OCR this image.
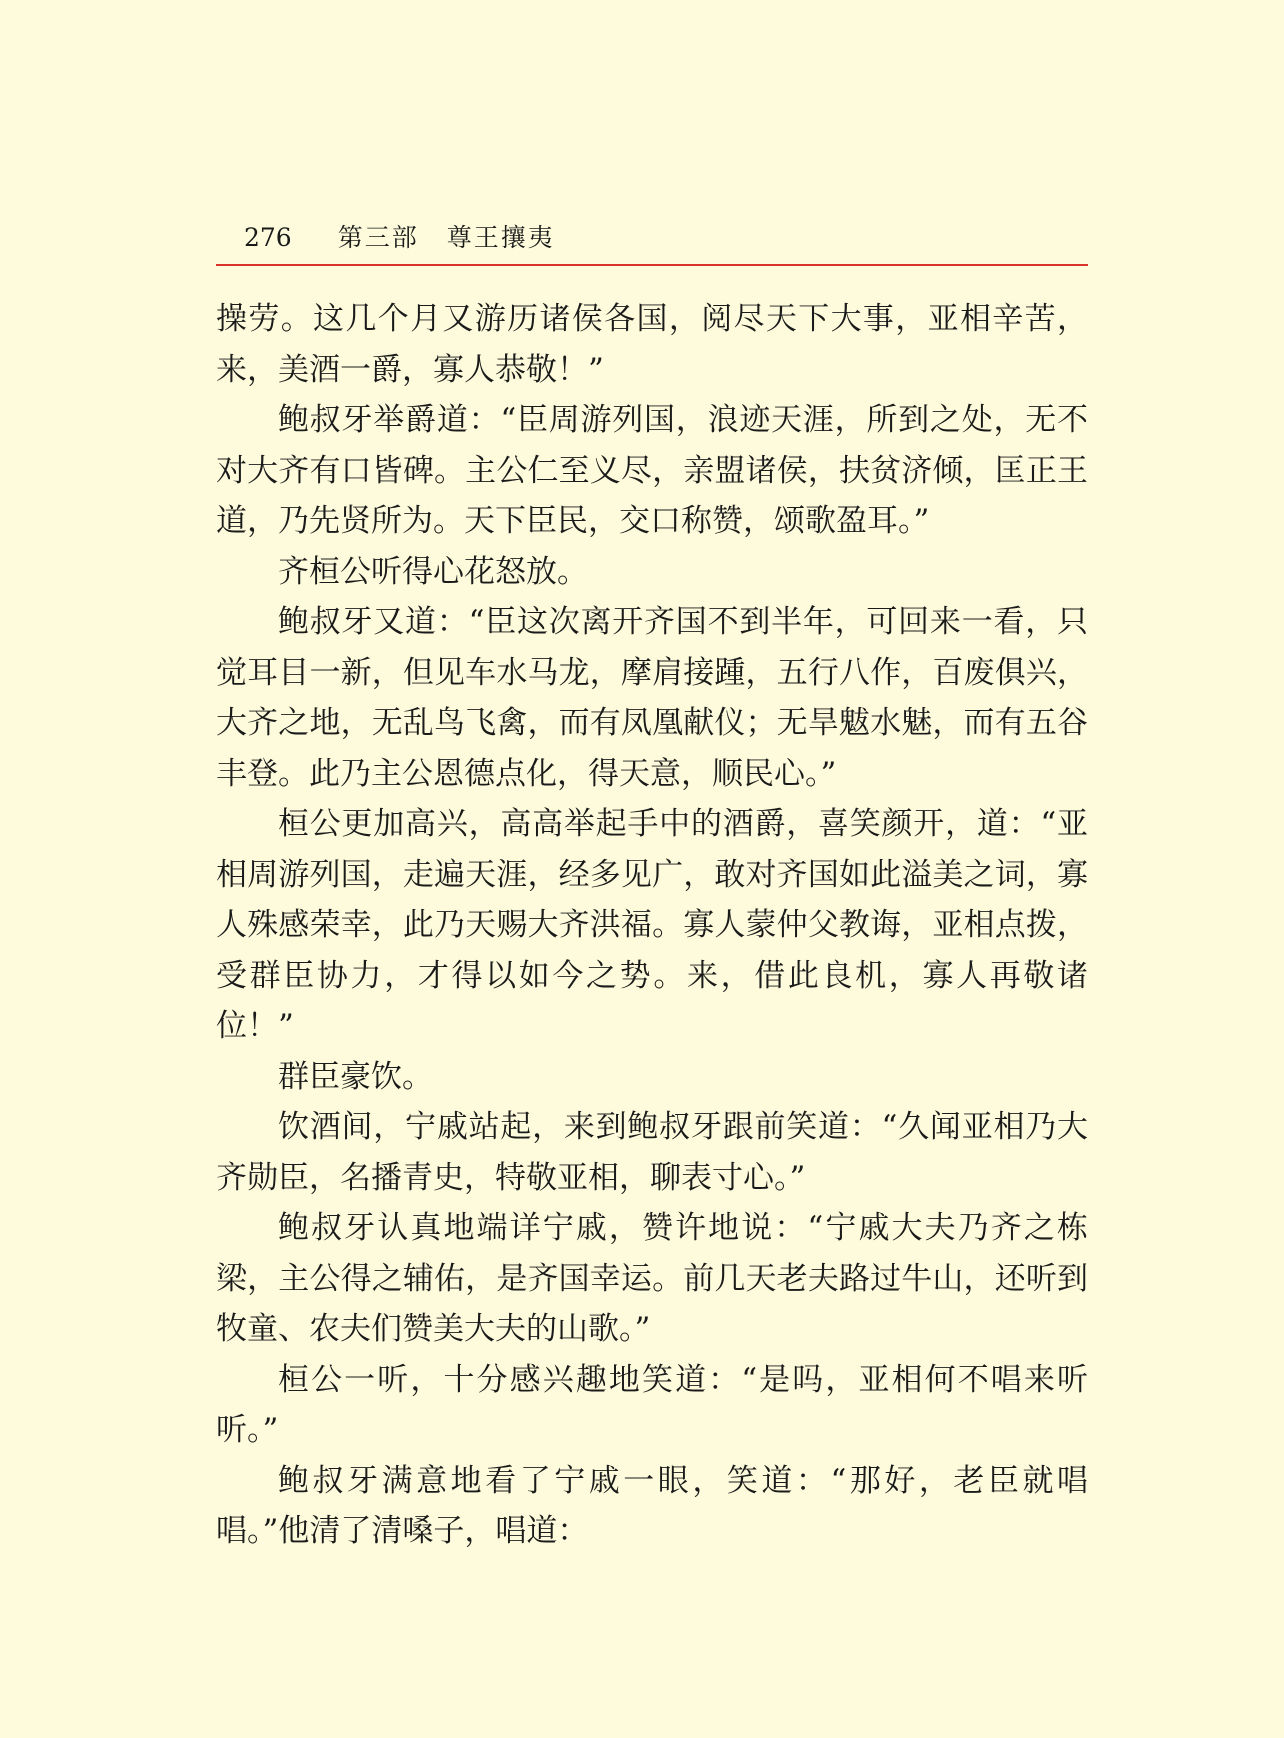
276 第三部 尊王攘夷

操劳。这几个月又游历诸侯各国，阅尽天下大事，亚相辛苦，来，美酒一爵，寡人恭敬！”

鲍叔牙举爵道：“臣周游列国，浪迹天涯，所到之处，无不对大齐有口皆碑。主公仁至义尽，亲盟诸侯，扶贫济倾，匡正王道，乃先贤所为。天下臣民，交口称赞，颂歌盈耳。”

齐桓公听得心花怒放。

鲍叔牙又道：“臣这次离开齐国不到半年，可回来一看，只觉耳目一新，但见车水马龙，摩肩接踵，五行八作，百废俱兴，大齐之地，无乱鸟飞禽，而有凤凰献仪；无旱魃水魅，而有五谷丰登。此乃主公恩德点化，得天意，顺民心。”

桓公更加高兴，高高举起手中的酒爵，喜笑颜开，道：“亚相周游列国，走遍天涯，经多见广，敢对齐国如此溢美之词，寡人殊感荣幸，此乃天赐大齐洪福。寡人蒙仲父教诲，亚相点拨，受群臣协力，才得以如今之势。来，借此良机，寡人再敬诸位！”

群臣豪饮。

饮酒间，宁戚站起，来到鲍叔牙跟前笑道：“久闻亚相乃大齐勋臣，名播青史，特敬亚相，聊表寸心。”

鲍叔牙认真地端详宁戚，赞许地说：“宁戚大夫乃齐之栋梁，主公得之辅佑，是齐国幸运。前几天老夫路过牛山，还听到牧童、农夫们赞美大夫的山歌。”

桓公一听，十分感兴趣地笑道：“是吗，亚相何不唱来听听。”

鲍叔牙满意地看了宁戚一眼，笑道：“那好，老臣就唱唱。”他清了清嗓子，唱道：
